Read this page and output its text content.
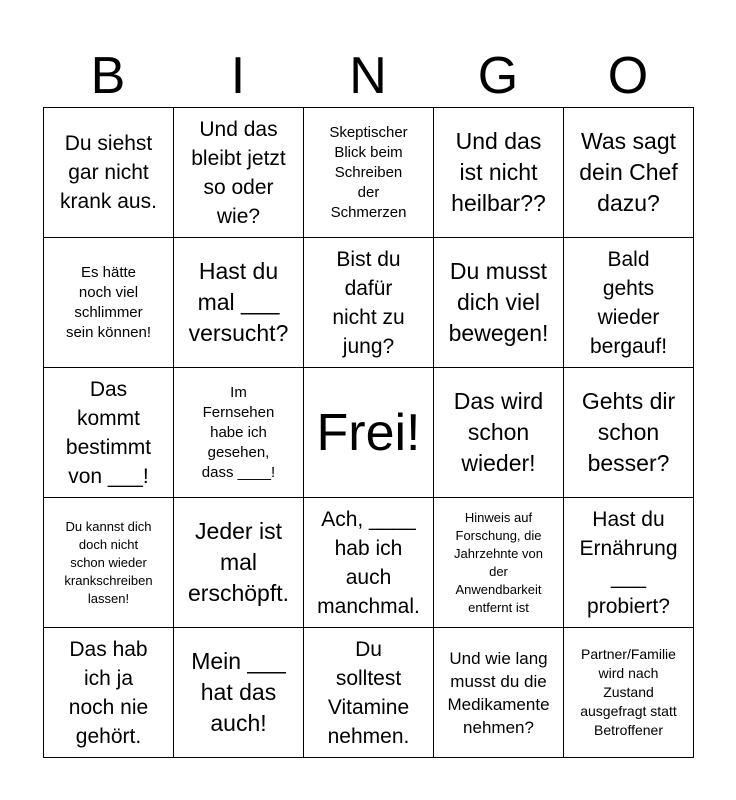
B	I	N	G	O
Du siehst
gar nicht
krank aus.
Und das
bleibt jetzt
so oder
wie?
Skeptischer
Blick beim
Schreiben
der
Schmerzen
Und das
ist nicht
heilbar??
Was sagt
dein Chef
dazu?
Es hätte
noch viel
schlimmer
sein können!
Hast du
mal ___
versucht?
Bist du
dafür
nicht zu
jung?
Du musst
dich viel
bewegen!
Bald
gehts
wieder
bergauf!
Das
kommt
bestimmt
von ___!
Im
Fernsehen
habe ich
gesehen,
dass ____!
Frei!
Das wird
schon
wieder!
Gehts dir
schon
besser?
Du kannst dich
doch nicht
schon wieder
krankschreiben
lassen!
Jeder ist
mal
erschöpft.
Ach, ____
hab ich
auch
manchmal.
Hinweis auf
Forschung, die
Jahrzehnte von
der
Anwendbarkeit
entfernt ist
Hast du
Ernährung
___
probiert?
Das hab
ich ja
noch nie
gehört.
Mein ___
hat das
auch!
Du
solltest
Vitamine
nehmen.
Und wie lang
musst du die
Medikamente
nehmen?
Partner/Familie
wird nach
Zustand
ausgefragt statt
Betroffener
